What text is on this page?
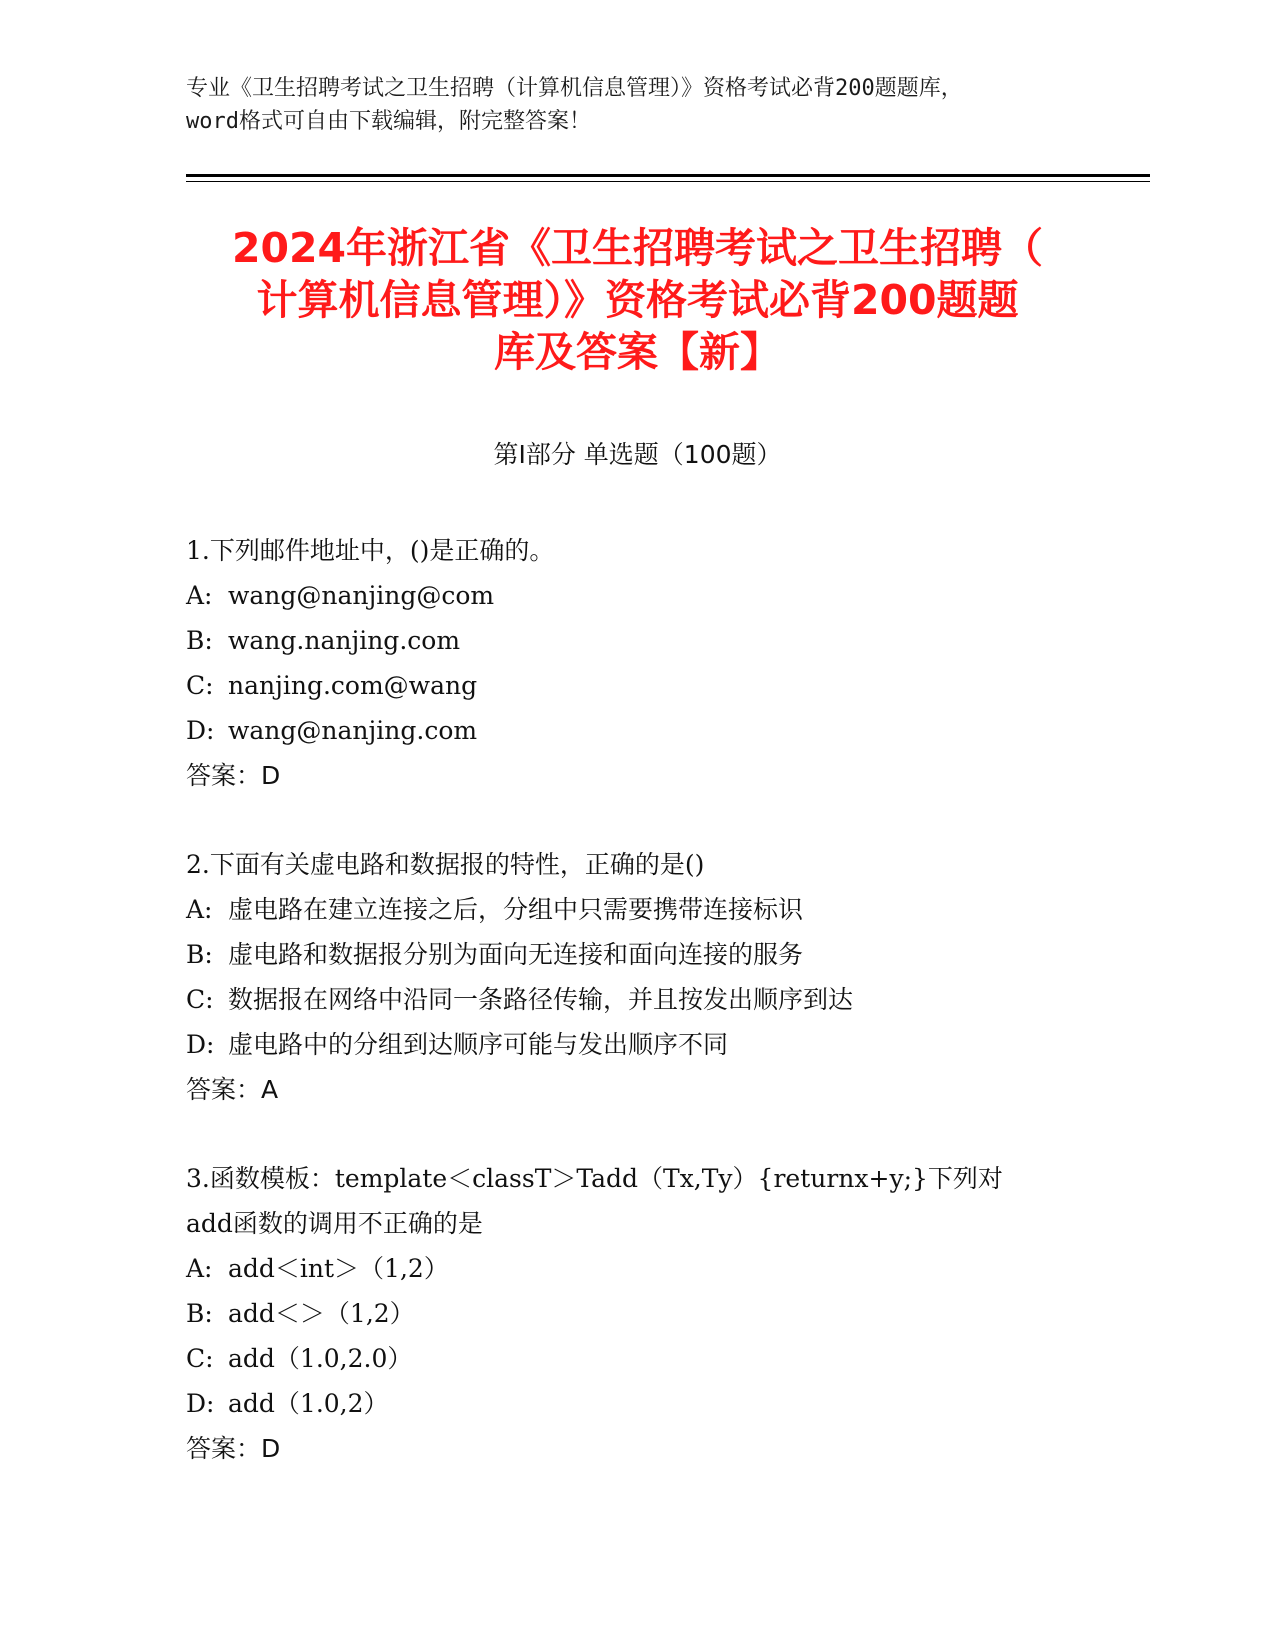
专业《卫生招聘考试之卫生招聘（计算机信息管理）》资格考试必背200题题库，
word格式可自由下载编辑，附完整答案！
2024年浙江省《卫生招聘考试之卫生招聘（
计算机信息管理）》资格考试必背200题题
库及答案【新】
第I部分 单选题（100题）
1.下列邮件地址中，()是正确的。
A: wang@nanjing@com
B: wang.nanjing.com
C: nanjing.com@wang
D: wang@nanjing.com
答案：D
2.下面有关虚电路和数据报的特性，正确的是()
A: 虚电路在建立连接之后，分组中只需要携带连接标识
B: 虚电路和数据报分别为面向无连接和面向连接的服务
C: 数据报在网络中沿同一条路径传输，并且按发出顺序到达
D: 虚电路中的分组到达顺序可能与发出顺序不同
答案：A
3.函数模板：template＜classT＞Tadd（Tx,Ty）{returnx+y;}下列对
add函数的调用不正确的是
A: add＜int＞（1,2）
B: add＜＞（1,2）
C: add（1.0,2.0）
D: add（1.0,2）
答案：D
